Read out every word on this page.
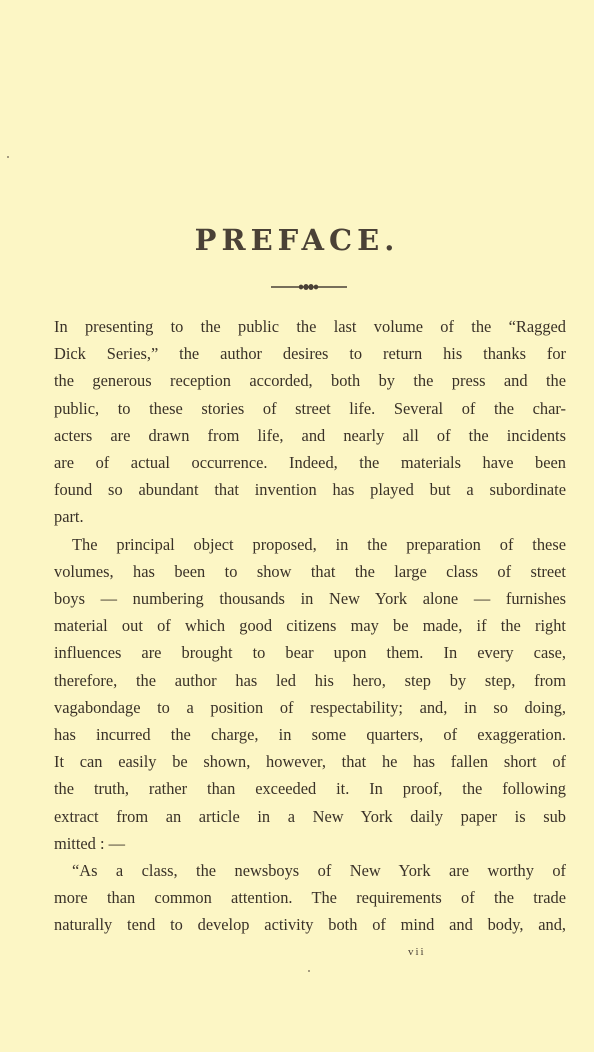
PREFACE.

In presenting to the public the last volume of the “Ragged
Dick Series,” the author desires to return his thanks for
the generous reception accorded, both by the press and the
public, to these stories of street life. Several of the char-
acters are drawn from life, and nearly all of the incidents
are of actual occurrence. Indeed, the materials have been
found so abundant that invention has played but a subordinate
part.

The principal object proposed, in the preparation of these
volumes, has been to show that the large class of street
boys — numbering thousands in New York alone — furnishes
material out of which good citizens may be made, if the right
influences are brought to bear upon them. In every case,
therefore, the author has led his hero, step by step, from
vagabondage to a position of respectability; and, in so doing,
has incurred the charge, in some quarters, of exaggeration.
It can easily be shown, however, that he has fallen short of
the truth, rather than exceeded it. In proof, the following
extract from an article in a New York daily paper is sub
mitted : —

“As a class, the newsboys of New York are worthy of
more than common attention. The requirements of the trade
naturally tend to develop activity both of mind and body, and,

vii
